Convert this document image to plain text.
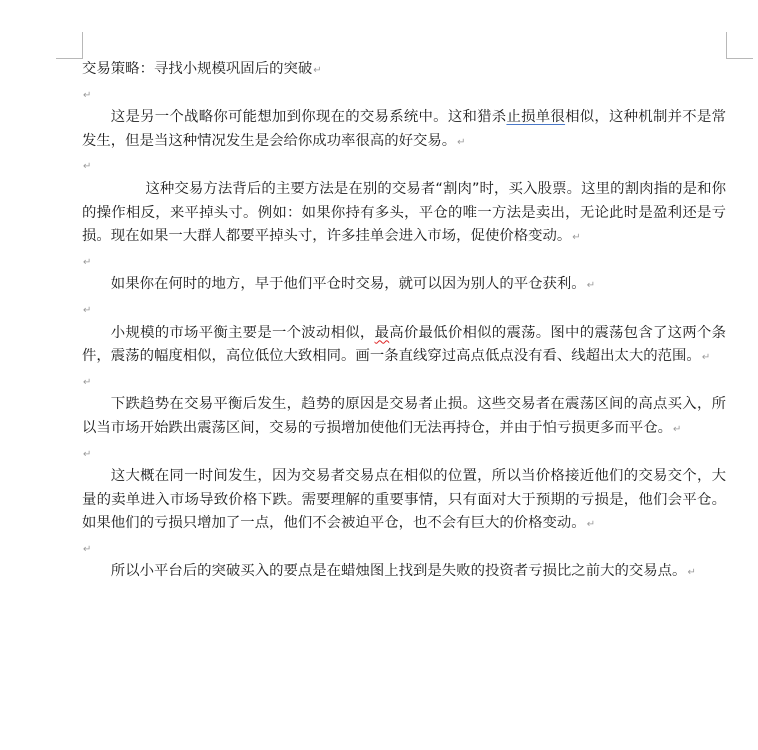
交易策略：寻找小规模巩固后的突破↵

↵

这是另一个战略你可能想加到你现在的交易系统中。这和猎杀止损单很相似，这种机制并不是常发生，但是当这种情况发生是会给你成功率很高的好交易。↵

↵

这种交易方法背后的主要方法是在别的交易者“割肉”时，买入股票。这里的割肉指的是和你的操作相反，来平掉头寸。例如：如果你持有多头，平仓的唯一方法是卖出，无论此时是盈利还是亏损。现在如果一大群人都要平掉头寸，许多挂单会进入市场，促使价格变动。↵

↵

如果你在何时的地方，早于他们平仓时交易，就可以因为别人的平仓获利。↵

↵

小规模的市场平衡主要是一个波动相似，最高价最低价相似的震荡。图中的震荡包含了这两个条件，震荡的幅度相似，高位低位大致相同。画一条直线穿过高点低点没有看、线超出太大的范围。↵

↵

下跌趋势在交易平衡后发生，趋势的原因是交易者止损。这些交易者在震荡区间的高点买入，所以当市场开始跌出震荡区间，交易的亏损增加使他们无法再持仓，并由于怕亏损更多而平仓。↵

↵

这大概在同一时间发生，因为交易者交易点在相似的位置，所以当价格接近他们的交易交个，大量的卖单进入市场导致价格下跌。需要理解的重要事情，只有面对大于预期的亏损是，他们会平仓。如果他们的亏损只增加了一点，他们不会被迫平仓，也不会有巨大的价格变动。↵

↵

所以小平台后的突破买入的要点是在蜡烛图上找到是失败的投资者亏损比之前大的交易点。↵
